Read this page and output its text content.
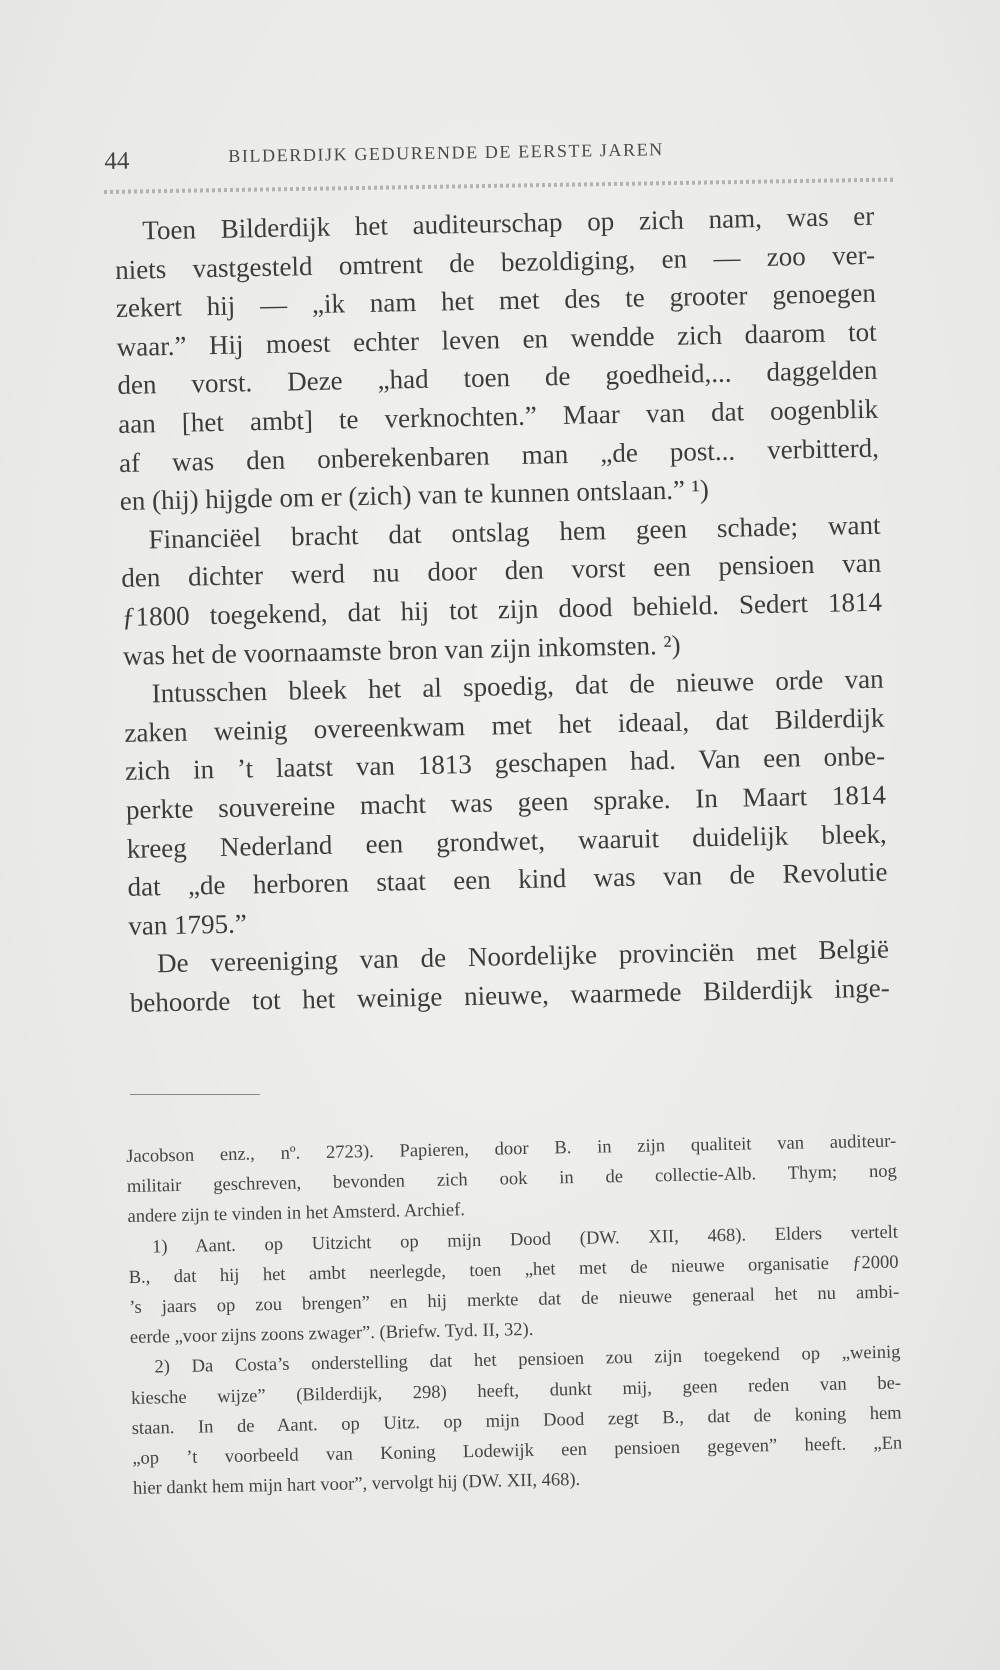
44	BILDERDIJK GEDURENDE DE EERSTE JAREN
Toen Bilderdijk het auditeurschap op zich nam, was er
niets vastgesteld omtrent de bezoldiging, en — zoo ver-
zekert hij — „ik nam het met des te grooter genoegen
waar.” Hij moest echter leven en wendde zich daarom tot
den vorst. Deze „had toen de goedheid,... daggelden
aan [het ambt] te verknochten.” Maar van dat oogenblik
af was den onberekenbaren man „de post... verbitterd,
en (hij) hijgde om er (zich) van te kunnen ontslaan.” ¹)
Financiëel bracht dat ontslag hem geen schade; want
den dichter werd nu door den vorst een pensioen van
ƒ1800 toegekend, dat hij tot zijn dood behield. Sedert 1814
was het de voornaamste bron van zijn inkomsten. ²)
Intusschen bleek het al spoedig, dat de nieuwe orde van
zaken weinig overeenkwam met het ideaal, dat Bilderdijk
zich in ’t laatst van 1813 geschapen had. Van een onbe-
perkte souvereine macht was geen sprake. In Maart 1814
kreeg Nederland een grondwet, waaruit duidelijk bleek,
dat „de herboren staat een kind was van de Revolutie
van 1795.”
De vereeniging van de Noordelijke provinciën met België
behoorde tot het weinige nieuwe, waarmede Bilderdijk inge-
Jacobson enz., nº. 2723). Papieren, door B. in zijn qualiteit van auditeur-
militair geschreven, bevonden zich ook in de collectie-Alb. Thym; nog
andere zijn te vinden in het Amsterd. Archief.
1) Aant. op Uitzicht op mijn Dood (DW. XII, 468). Elders vertelt
B., dat hij het ambt neerlegde, toen „het met de nieuwe organisatie ƒ2000
’s jaars op zou brengen” en hij merkte dat de nieuwe generaal het nu ambi-
eerde „voor zijns zoons zwager”. (Briefw. Tyd. II, 32).
2) Da Costa’s onderstelling dat het pensioen zou zijn toegekend op „weinig
kiesche wijze” (Bilderdijk, 298) heeft, dunkt mij, geen reden van be-
staan. In de Aant. op Uitz. op mijn Dood zegt B., dat de koning hem
„op ’t voorbeeld van Koning Lodewijk een pensioen gegeven” heeft. „En
hier dankt hem mijn hart voor”, vervolgt hij (DW. XII, 468).
